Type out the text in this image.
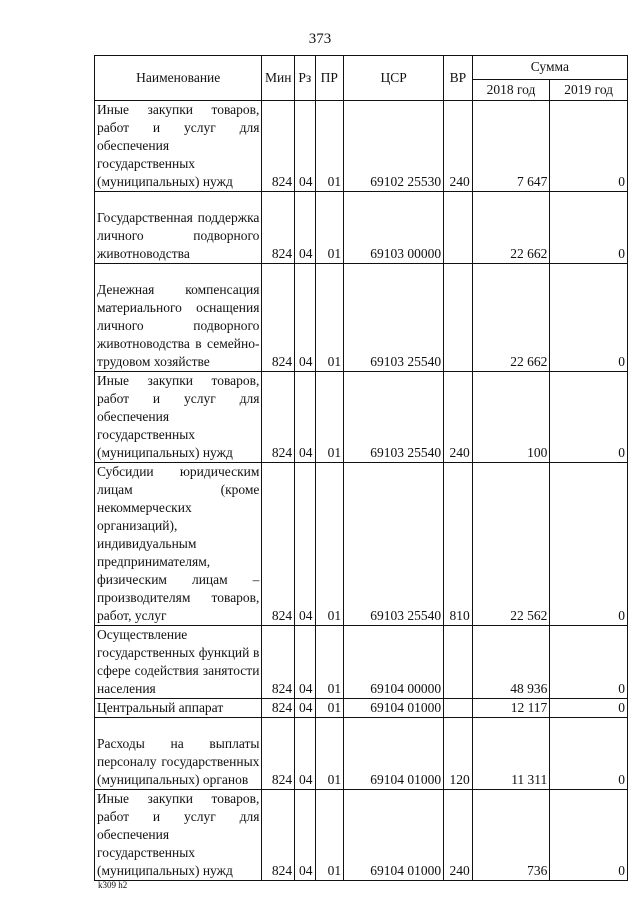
373
Наименование	Мин	Рз	ПР	ЦСР	ВР	Сумма	
						2018 год	2019 год
Иные закупки товаров, работ и услуг для обеспечения государственных (муниципальных) нужд	824	04	01	69102 25530	240	7 647	0
Государственная поддержка личного подворного животноводства	824	04	01	69103 00000		22 662	0
Денежная компенсация материального оснащения личного подворного животноводства в семейно-трудовом хозяйстве	824	04	01	69103 25540		22 662	0
Иные закупки товаров, работ и услуг для обеспечения государственных (муниципальных) нужд	824	04	01	69103 25540	240	100	0
Субсидии юридическим лицам (кроме некоммерческих организаций), индивидуальным предпринимателям, физическим лицам – производителям товаров, работ, услуг	824	04	01	69103 25540	810	22 562	0
Осуществление государственных функций в сфере содействия занятости населения	824	04	01	69104 00000		48 936	0
Центральный аппарат	824	04	01	69104 01000		12 117	0
Расходы на выплаты персоналу государственных (муниципальных) органов	824	04	01	69104 01000	120	11 311	0
Иные закупки товаров, работ и услуг для обеспечения государственных (муниципальных) нужд	824	04	01	69104 01000	240	736	0
k309 h2
